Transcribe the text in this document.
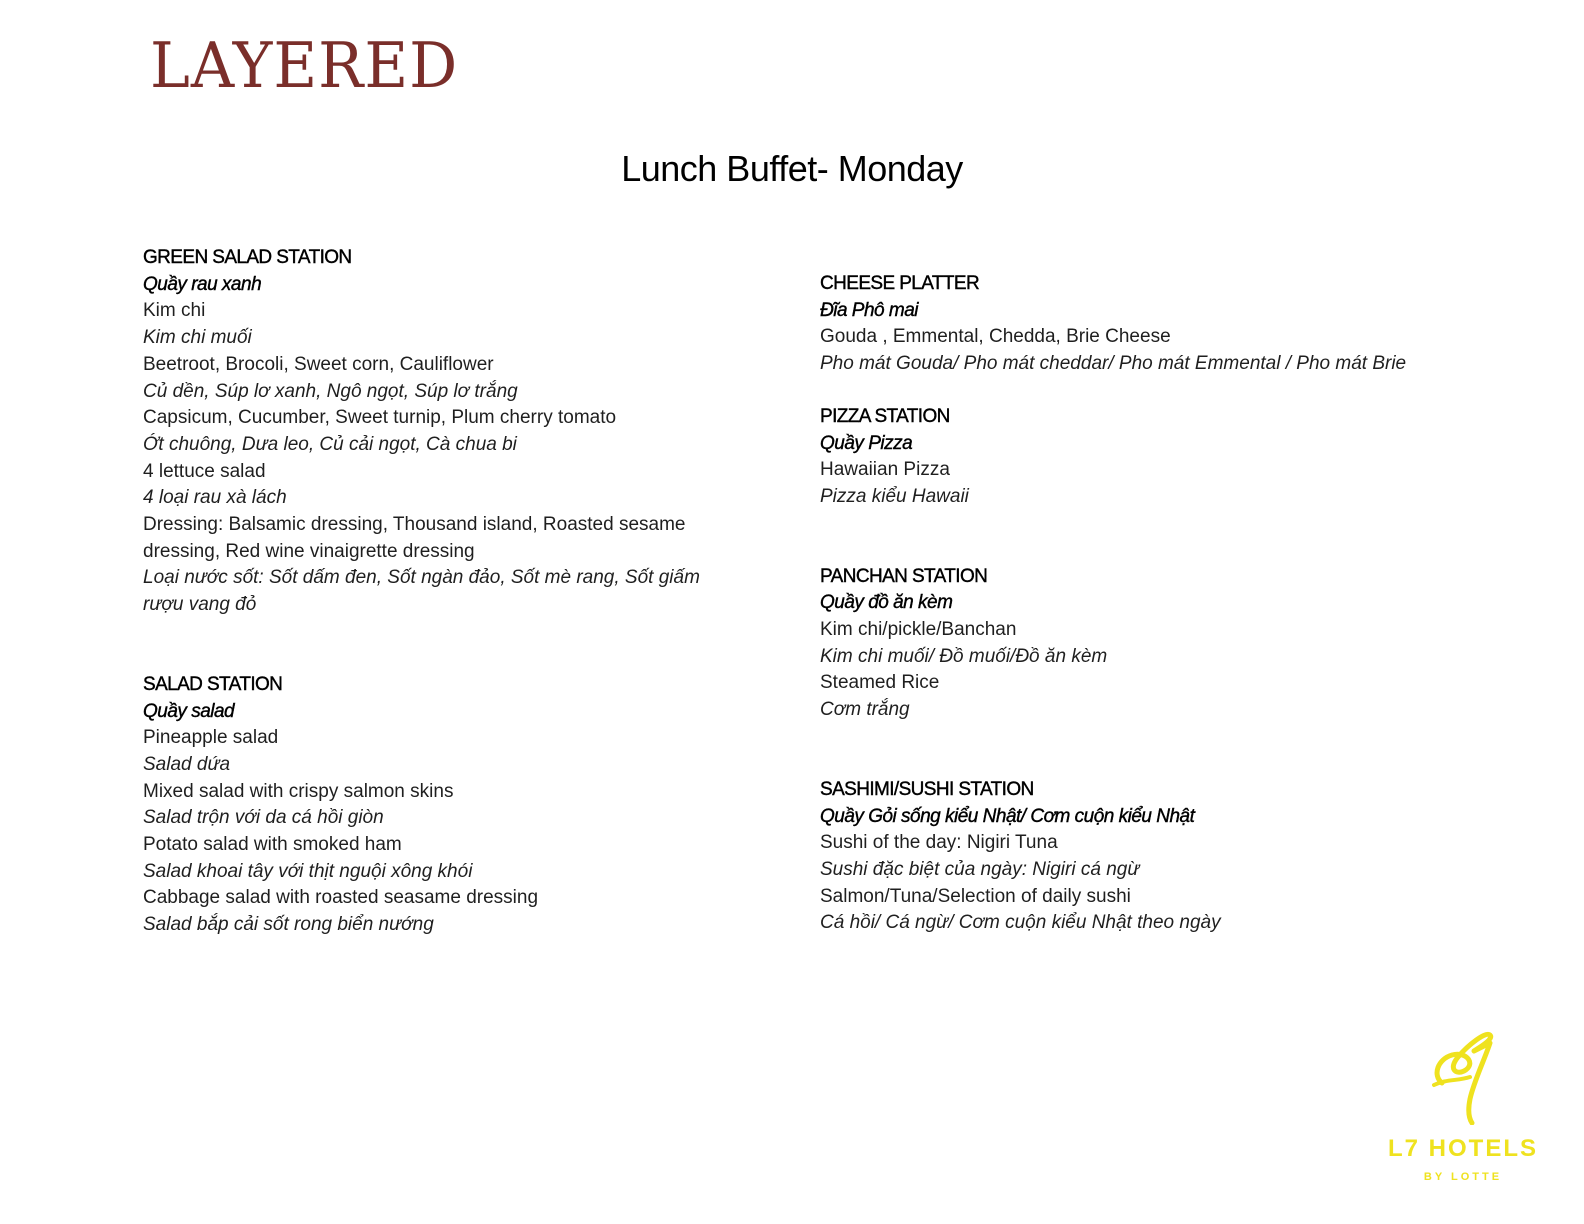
LAYERED
Lunch Buffet- Monday
GREEN SALAD STATION
Quầy rau xanh
Kim chi
Kim chi muối
Beetroot, Brocoli, Sweet corn, Cauliflower
Củ dền, Súp lơ xanh, Ngô ngọt, Súp lơ trắng
Capsicum, Cucumber, Sweet turnip, Plum cherry tomato
Ớt chuông, Dưa leo, Củ cải ngọt, Cà chua bi
4 lettuce salad
4 loại rau xà lách
Dressing: Balsamic dressing, Thousand island, Roasted sesame dressing, Red wine vinaigrette dressing
Loại nước sốt: Sốt dấm đen, Sốt ngàn đảo, Sốt mè rang, Sốt giấm rượu vang đỏ
SALAD STATION
Quầy salad
Pineapple salad
Salad dứa
Mixed salad with crispy salmon skins
Salad trộn với da cá hồi giòn
Potato salad with smoked ham
Salad khoai tây với thịt nguội xông khói
Cabbage salad with roasted seasame dressing
Salad bắp cải sốt rong biển nướng
CHEESE PLATTER
Đĩa Phô mai
Gouda , Emmental, Chedda, Brie Cheese
Pho mát Gouda/ Pho mát cheddar/ Pho mát Emmental / Pho mát Brie
PIZZA STATION
Quầy Pizza
Hawaiian Pizza
Pizza kiểu Hawaii
PANCHAN STATION
Quầy đồ ăn kèm
Kim chi/pickle/Banchan
Kim chi muối/ Đồ muối/Đồ ăn kèm
Steamed Rice
Cơm trắng
SASHIMI/SUSHI STATION
Quầy Gỏi sống kiểu Nhật/ Cơm cuộn kiểu Nhật
Sushi of the day: Nigiri Tuna
Sushi đặc biệt của ngày: Nigiri cá ngừ
Salmon/Tuna/Selection of daily sushi
Cá hồi/ Cá ngừ/ Cơm cuộn kiểu Nhật theo ngày
L7 HOTELS
BY LOTTE
